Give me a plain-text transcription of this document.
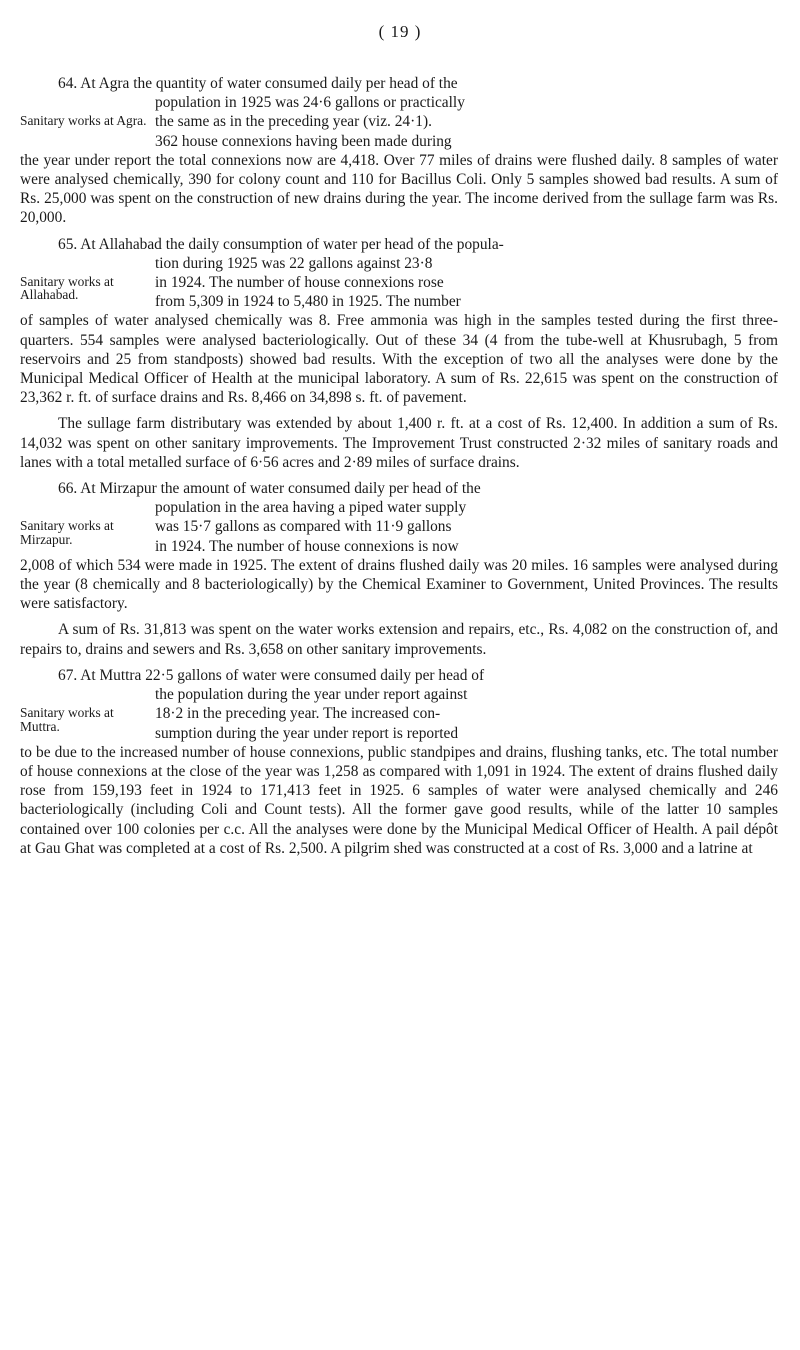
( 19 )
64. At Agra the quantity of water consumed daily per head of the
Sanitary works at Agra.
population in 1925 was 24·6 gallons or practically
the same as in the preceding year (viz. 24·1).
362 house connexions having been made during
the year under report the total connexions now are 4,418. Over 77 miles of drains were flushed daily. 8 samples of water were analysed chemically, 390 for colony count and 110 for Bacillus Coli. Only 5 samples showed bad results. A sum of Rs. 25,000 was spent on the construction of new drains during the year. The income derived from the sullage farm was Rs. 20,000.
65. At Allahabad the daily consumption of water per head of the popula-
Sanitary works at Allahabad.
tion during 1925 was 22 gallons against 23·8
in 1924. The number of house connexions rose
from 5,309 in 1924 to 5,480 in 1925. The number
of samples of water analysed chemically was 8. Free ammonia was high in the samples tested during the first three-quarters. 554 samples were analysed bacteriologically. Out of these 34 (4 from the tube-well at Khusrubagh, 5 from reservoirs and 25 from standposts) showed bad results. With the exception of two all the analyses were done by the Municipal Medical Officer of Health at the municipal laboratory. A sum of Rs. 22,615 was spent on the construction of 23,362 r. ft. of surface drains and Rs. 8,466 on 34,898 s. ft. of pavement.
The sullage farm distributary was extended by about 1,400 r. ft. at a cost of Rs. 12,400. In addition a sum of Rs. 14,032 was spent on other sanitary improvements. The Improvement Trust constructed 2·32 miles of sanitary roads and lanes with a total metalled surface of 6·56 acres and 2·89 miles of surface drains.
66. At Mirzapur the amount of water consumed daily per head of the
Sanitary works at Mirzapur.
population in the area having a piped water supply
was 15·7 gallons as compared with 11·9 gallons
in 1924. The number of house connexions is now
2,008 of which 534 were made in 1925. The extent of drains flushed daily was 20 miles. 16 samples were analysed during the year (8 chemically and 8 bacteriologically) by the Chemical Examiner to Government, United Provinces. The results were satisfactory.
A sum of Rs. 31,813 was spent on the water works extension and repairs, etc., Rs. 4,082 on the construction of, and repairs to, drains and sewers and Rs. 3,658 on other sanitary improvements.
67. At Muttra 22·5 gallons of water were consumed daily per head of
Sanitary works at Muttra.
the population during the year under report against
18·2 in the preceding year. The increased con-
sumption during the year under report is reported
to be due to the increased number of house connexions, public standpipes and drains, flushing tanks, etc. The total number of house connexions at the close of the year was 1,258 as compared with 1,091 in 1924. The extent of drains flushed daily rose from 159,193 feet in 1924 to 171,413 feet in 1925. 6 samples of water were analysed chemically and 246 bacteriologically (including Coli and Count tests). All the former gave good results, while of the latter 10 samples contained over 100 colonies per c.c. All the analyses were done by the Municipal Medical Officer of Health. A pail dépôt at Gau Ghat was completed at a cost of Rs. 2,500. A pilgrim shed was constructed at a cost of Rs. 3,000 and a latrine at
